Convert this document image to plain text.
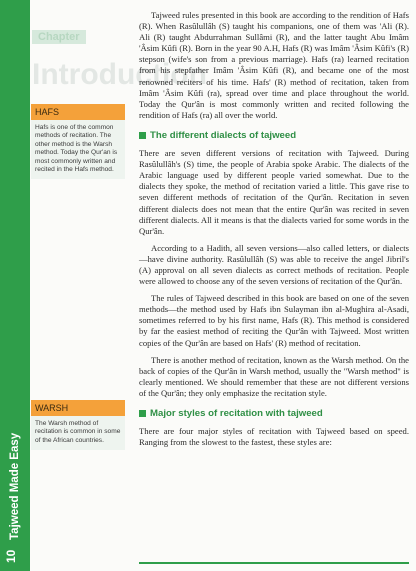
Tajweed Made Easy
10
Chapter
Introduction
HAFS
Hafs is one of the common methods of recitation. The other method is the Warsh method. Today the Qur'an is most commonly written and recited in the Hafs method.
WARSH
The Warsh method of recitation is common in some of the African countries.

Tajweed rules presented in this book are according to the rendition of Hafs (R). When Rasûlullâh (S) taught his companions, one of them was 'Ali (R). Ali (R) taught Abdurrahman Sullâmi (R), and the latter taught Abu Imâm 'Âsim Kûfi (R). Born in the year 90 A.H, Hafs (R) was Imâm 'Âsim Kûfi's (R) stepson (wife's son from a previous marriage). Hafs (ra) learned recitation from his stepfather Imâm 'Âsim Kûfi (R), and became one of the most renowned reciters of his time. Hafs' (R) method of recitation, taken from Imâm 'Âsim Kûfi (ra), spread over time and place throughout the world. Today the Qur'ân is most commonly written and recited following the rendition of Hafs (ra) all over the world.

The different dialects of tajweed

There are seven different versions of recitation with Tajweed. During Rasûlullâh's (S) time, the people of Arabia spoke Arabic. The dialects of the Arabic language used by different people varied somewhat. Due to the dialects they spoke, the method of recitation varied a little. This gave rise to seven different methods of recitation of the Qur'ân. Recitation in seven different dialects does not mean that the entire Qur'ân was recited in seven different dialects. All it means is that the dialects varied for some words in the Qur'ân.

According to a Hadith, all seven versions—also called letters, or dialects—have divine authority. Rasûlullâh (S) was able to receive the angel Jibril's (A) approval on all seven dialects as correct methods of recitation. People were allowed to choose any of the seven versions of recitation of the Qur'ân.

The rules of Tajweed described in this book are based on one of the seven methods—the method used by Hafs ibn Sulayman ibn al-Mughira al-Asadi, sometimes referred to by his first name, Hafs (R). This method is considered by far the easiest method of reciting the Qur'ân with Tajweed. Most written copies of the Qur'ân are based on Hafs' (R) method of recitation.

There is another method of recitation, known as the Warsh method. On the back of copies of the Qur'ân in Warsh method, usually the "Warsh method" is clearly mentioned. We should remember that these are not different versions of the Qur'ân; they only emphasize the recitation style.

Major styles of recitation with tajweed

There are four major styles of recitation with Tajweed based on speed. Ranging from the slowest to the fastest, these styles are:
